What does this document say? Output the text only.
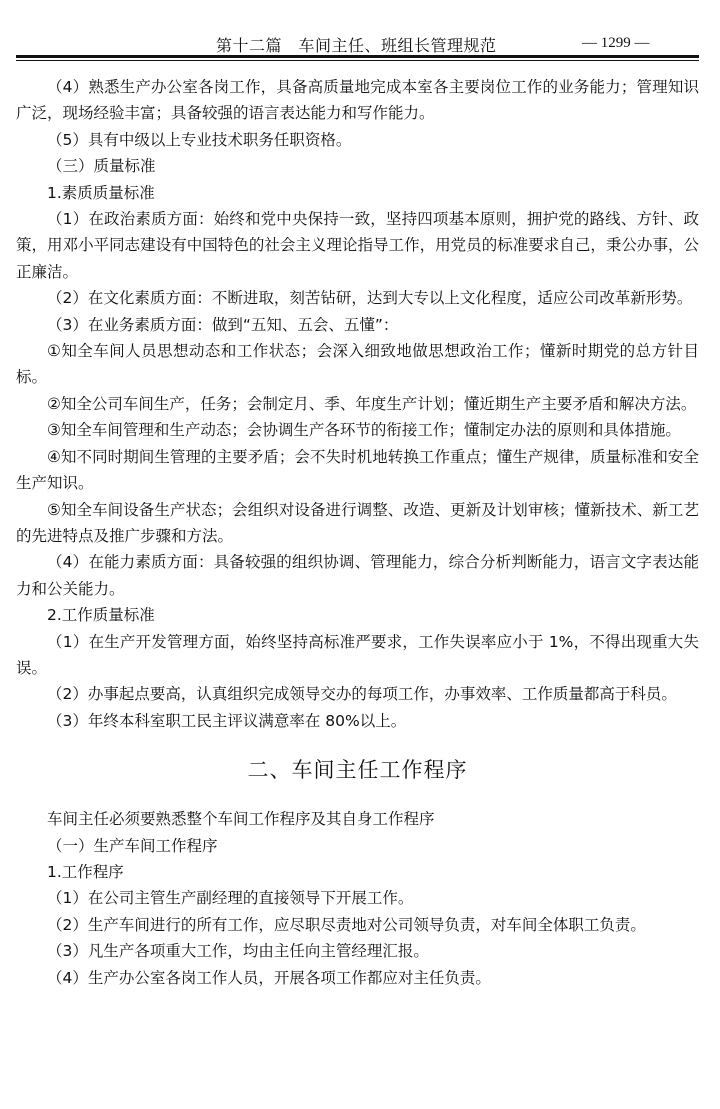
第十二篇　车间主任、班组长管理规范	— 1299 —

（4）熟悉生产办公室各岗工作，具备高质量地完成本室各主要岗位工作的业务能力；管理知识广泛，现场经验丰富；具备较强的语言表达能力和写作能力。

（5）具有中级以上专业技术职务任职资格。

（三）质量标准

1.素质质量标准

（1）在政治素质方面：始终和党中央保持一致，坚持四项基本原则，拥护党的路线、方针、政策，用邓小平同志建设有中国特色的社会主义理论指导工作，用党员的标准要求自己，秉公办事，公正廉洁。

（2）在文化素质方面：不断进取，刻苦钻研，达到大专以上文化程度，适应公司改革新形势。

（3）在业务素质方面：做到“五知、五会、五懂”：

①知全车间人员思想动态和工作状态；会深入细致地做思想政治工作；懂新时期党的总方针目标。

②知全公司车间生产，任务；会制定月、季、年度生产计划；懂近期生产主要矛盾和解决方法。

③知全车间管理和生产动态；会协调生产各环节的衔接工作；懂制定办法的原则和具体措施。

④知不同时期间生管理的主要矛盾；会不失时机地转换工作重点；懂生产规律，质量标准和安全生产知识。

⑤知全车间设备生产状态；会组织对设备进行调整、改造、更新及计划审核；懂新技术、新工艺的先进特点及推广步骤和方法。

（4）在能力素质方面：具备较强的组织协调、管理能力，综合分析判断能力，语言文字表达能力和公关能力。

2.工作质量标准

（1）在生产开发管理方面，始终坚持高标准严要求，工作失误率应小于 1%，不得出现重大失误。

（2）办事起点要高，认真组织完成领导交办的每项工作，办事效率、工作质量都高于科员。

（3）年终本科室职工民主评议满意率在 80%以上。

二、车间主任工作程序

车间主任必须要熟悉整个车间工作程序及其自身工作程序

（一）生产车间工作程序

1.工作程序

（1）在公司主管生产副经理的直接领导下开展工作。

（2）生产车间进行的所有工作，应尽职尽责地对公司领导负责，对车间全体职工负责。

（3）凡生产各项重大工作，均由主任向主管经理汇报。

（4）生产办公室各岗工作人员，开展各项工作都应对主任负责。
